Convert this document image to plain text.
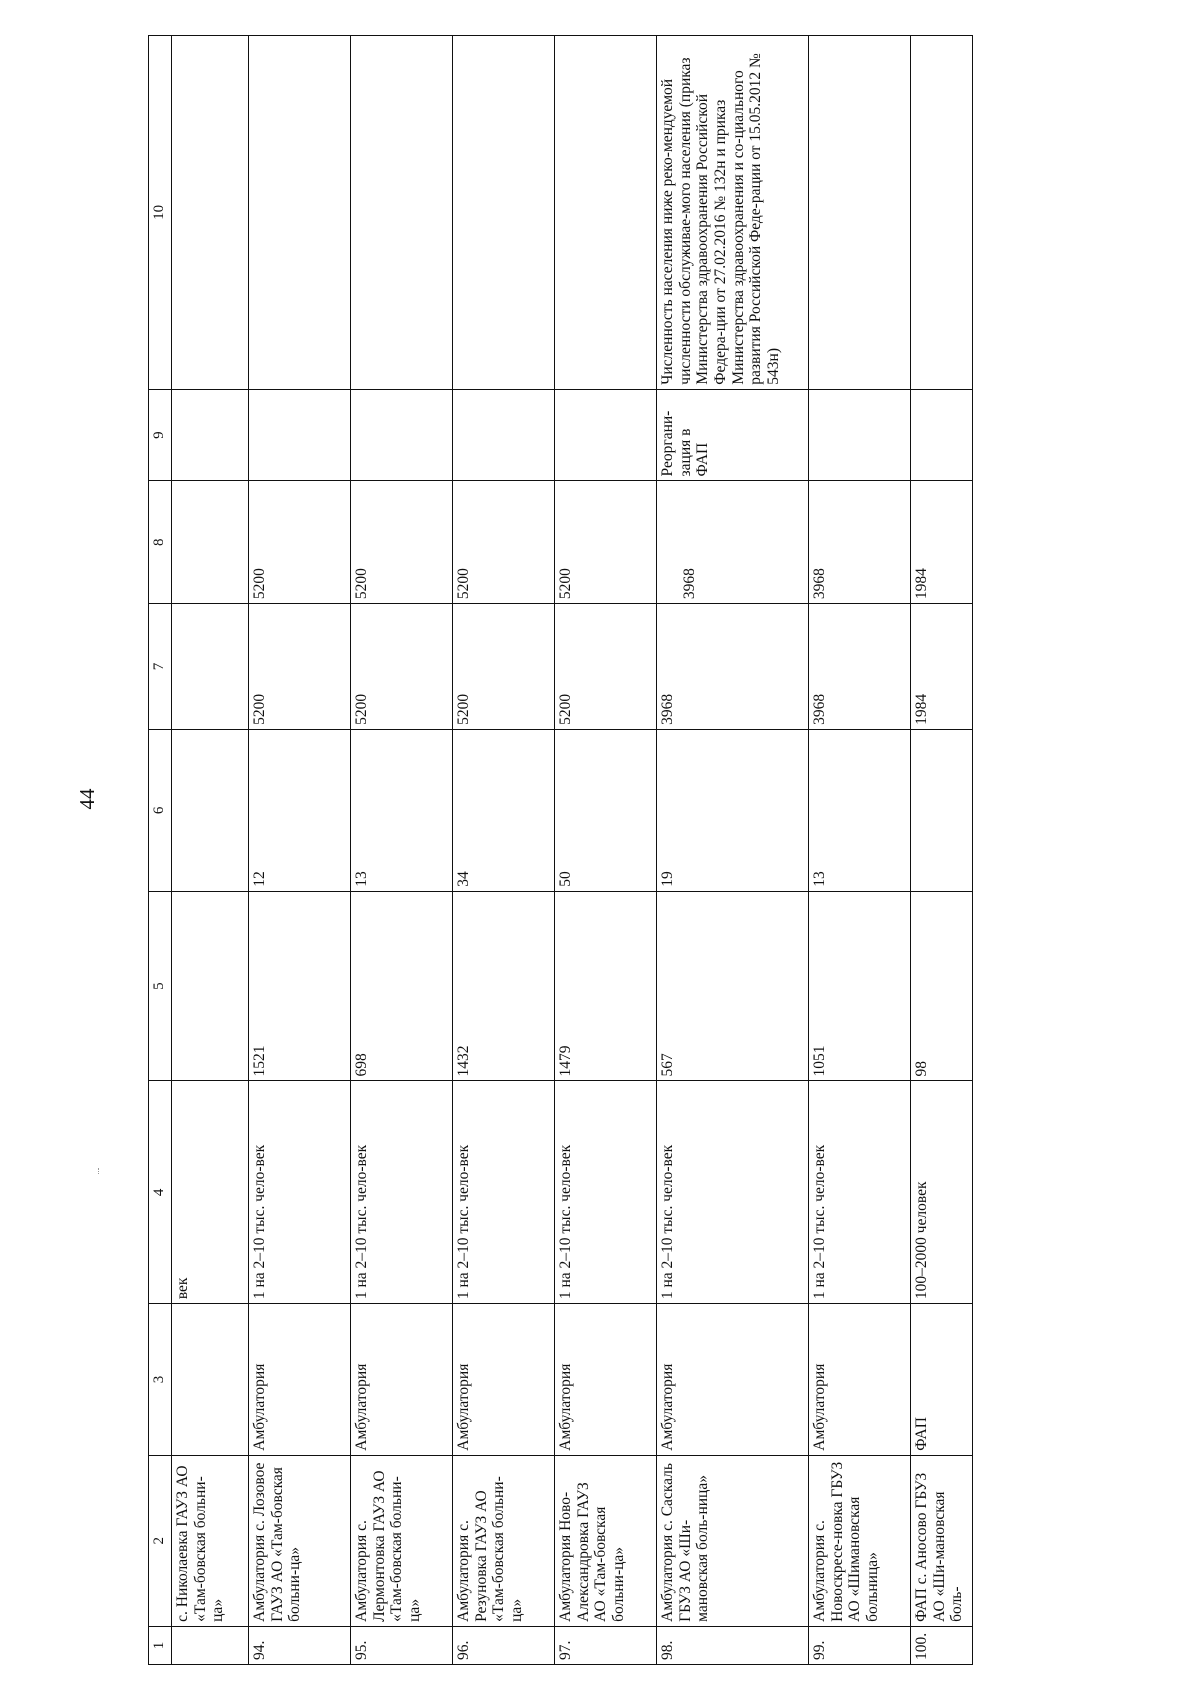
44
1	2	3	4	5	6	7	8	9	10
	с. Николаевка ГАУЗ АО «Там-бовская больни-ца»		век						
94.	Амбулатория с. Лозовое ГАУЗ АО «Там-бовская больни-ца»	Амбулатория	1 на 2–10 тыс. чело-век	1521	12	5200	5200		
95.	Амбулатория с. Лермонтовка ГАУЗ АО «Там-бовская больни-ца»	Амбулатория	1 на 2–10 тыс. чело-век	698	13	5200	5200		
96.	Амбулатория с. Резуновка ГАУЗ АО «Там-бовская больни-ца»	Амбулатория	1 на 2–10 тыс. чело-век	1432	34	5200	5200		
97.	Амбулатория Ново-Александровка ГАУЗ АО «Там-бовская больни-ца»	Амбулатория	1 на 2–10 тыс. чело-век	1479	50	5200	5200		
98.	Амбулатория с. Саскаль ГБУЗ АО «Ши-мановская боль-ница»	Амбулатория	1 на 2–10 тыс. чело-век	567	19	3968	3968	Реоргани-зация в ФАП	Численность населения ниже реко-мендуемой численности обслуживае-мого населения (приказ Министерства здравоохранения Российской Федера-ции от 27.02.2016 № 132н и приказ Министерства здравоохранения и со-циального развития Российской Феде-рации от 15.05.2012 № 543н)
99.	Амбулатория с. Новоскресе-новка ГБУЗ АО «Шимановская больница»	Амбулатория	1 на 2–10 тыс. чело-век	1051	13	3968	3968		
100.	ФАП с. Аносово ГБУЗ АО «Ши-мановская боль-	ФАП	100–2000 человек	98		1984	1984		
